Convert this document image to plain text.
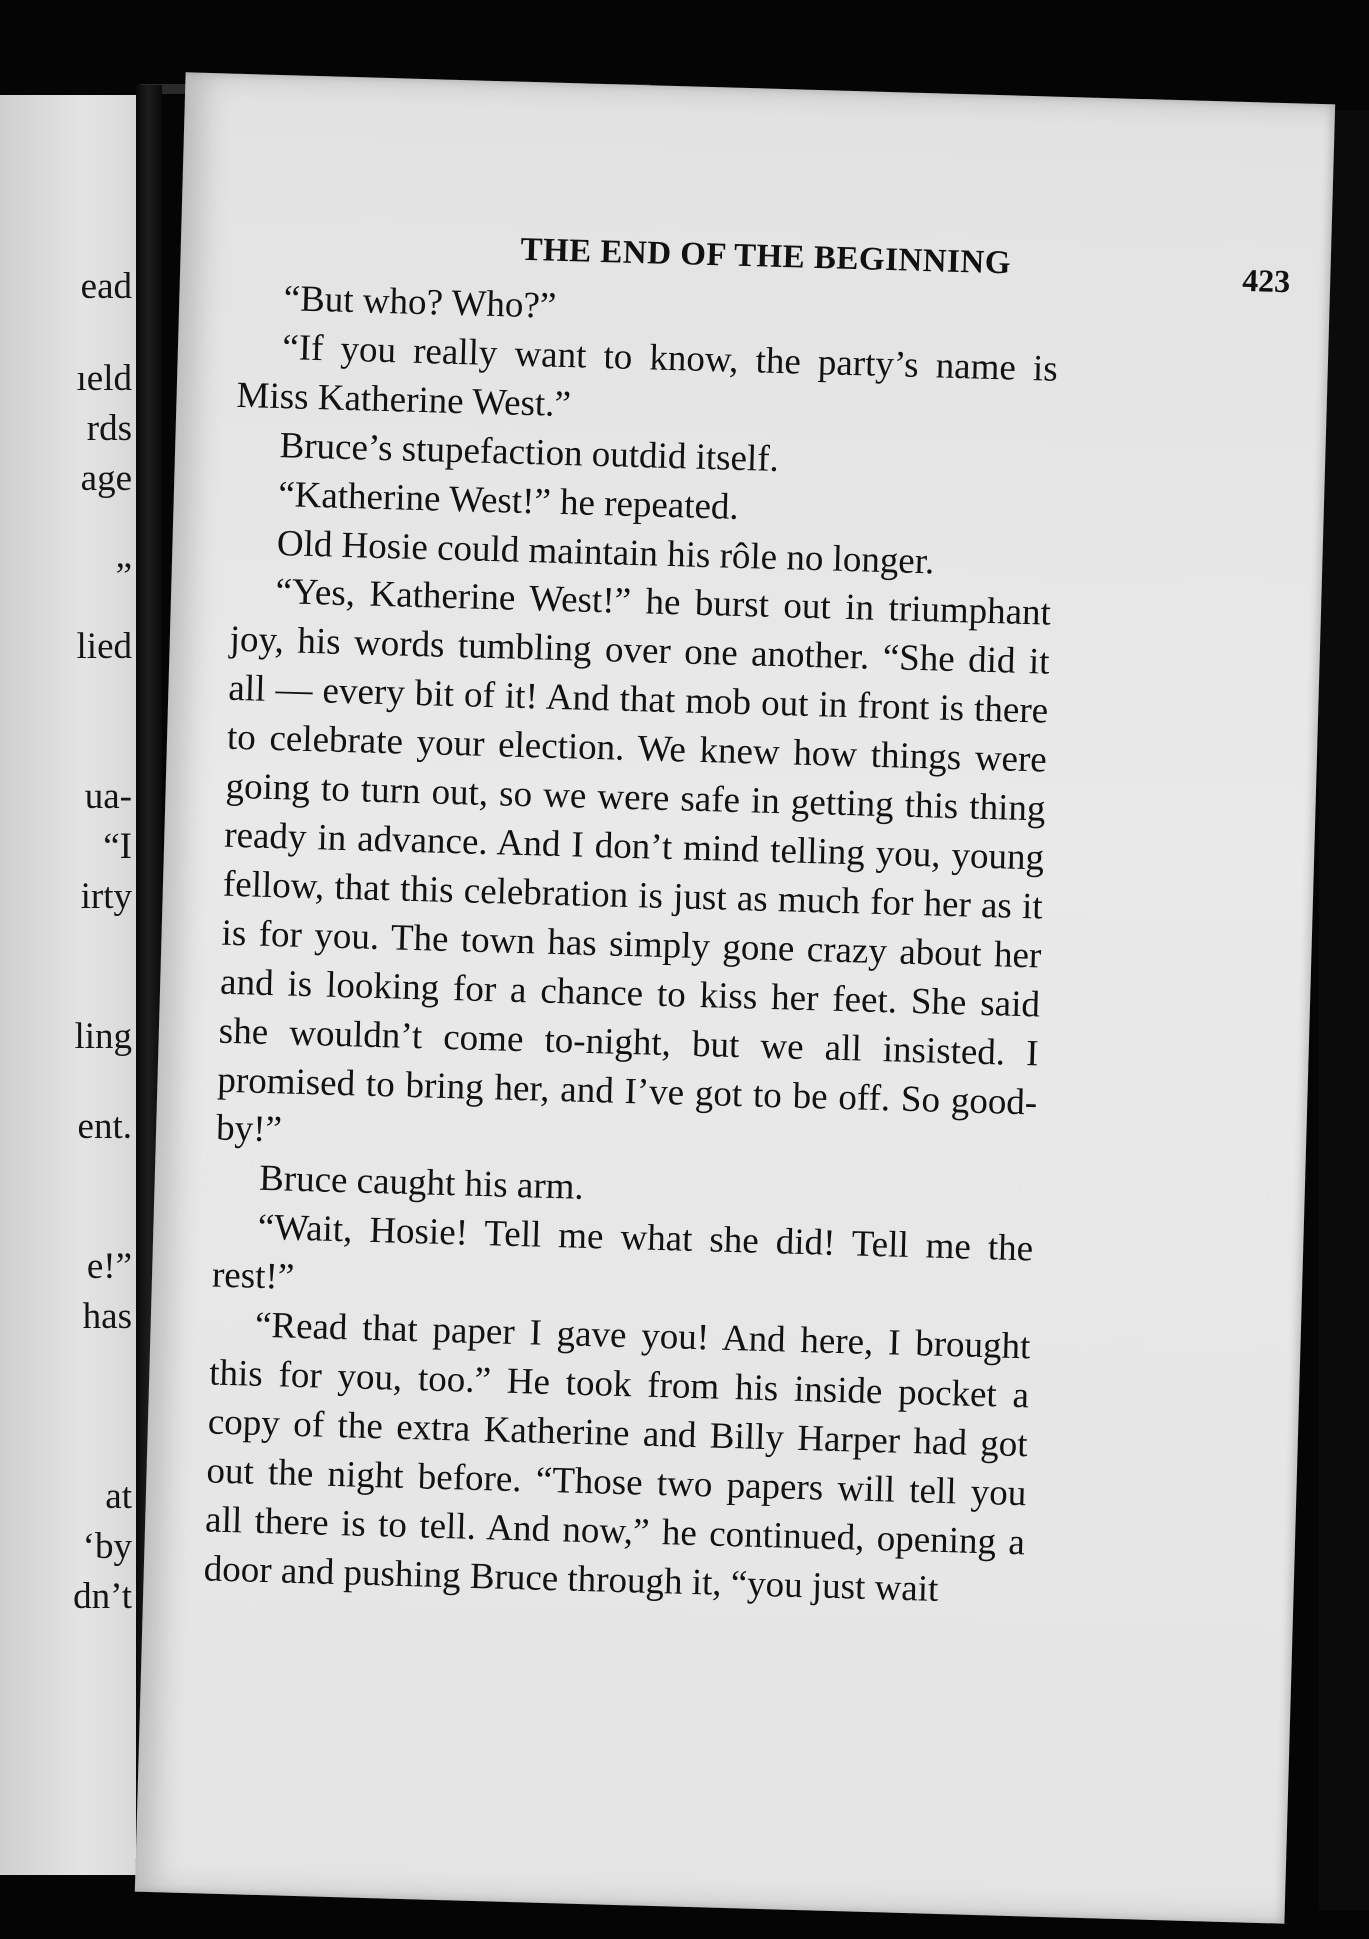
ead
ıeld
rds
age
”
lied
ua-
“I
irty
ling
ent.
e!”
has
at
‘by
dn’t
THE END OF THE BEGINNING	423

“But who? Who?”

“If you really want to know, the party’s name is Miss Katherine West.”

Bruce’s stupefaction outdid itself.

“Katherine West!” he repeated.

Old Hosie could maintain his rôle no longer.

“Yes, Katherine West!” he burst out in triumphant joy, his words tumbling over one another. “She did it all — every bit of it! And that mob out in front is there to celebrate your election. We knew how things were going to turn out, so we were safe in getting this thing ready in advance. And I don’t mind telling you, young fellow, that this celebration is just as much for her as it is for you. The town has simply gone crazy about her and is looking for a chance to kiss her feet. She said she wouldn’t come to-night, but we all insisted. I promised to bring her, and I’ve got to be off. So good-by!”

Bruce caught his arm.

“Wait, Hosie! Tell me what she did! Tell me the rest!”

“Read that paper I gave you! And here, I brought this for you, too.” He took from his inside pocket a copy of the extra Katherine and Billy Harper had got out the night before. “Those two papers will tell you all there is to tell. And now,” he continued, opening a door and pushing Bruce through it, “you just wait
